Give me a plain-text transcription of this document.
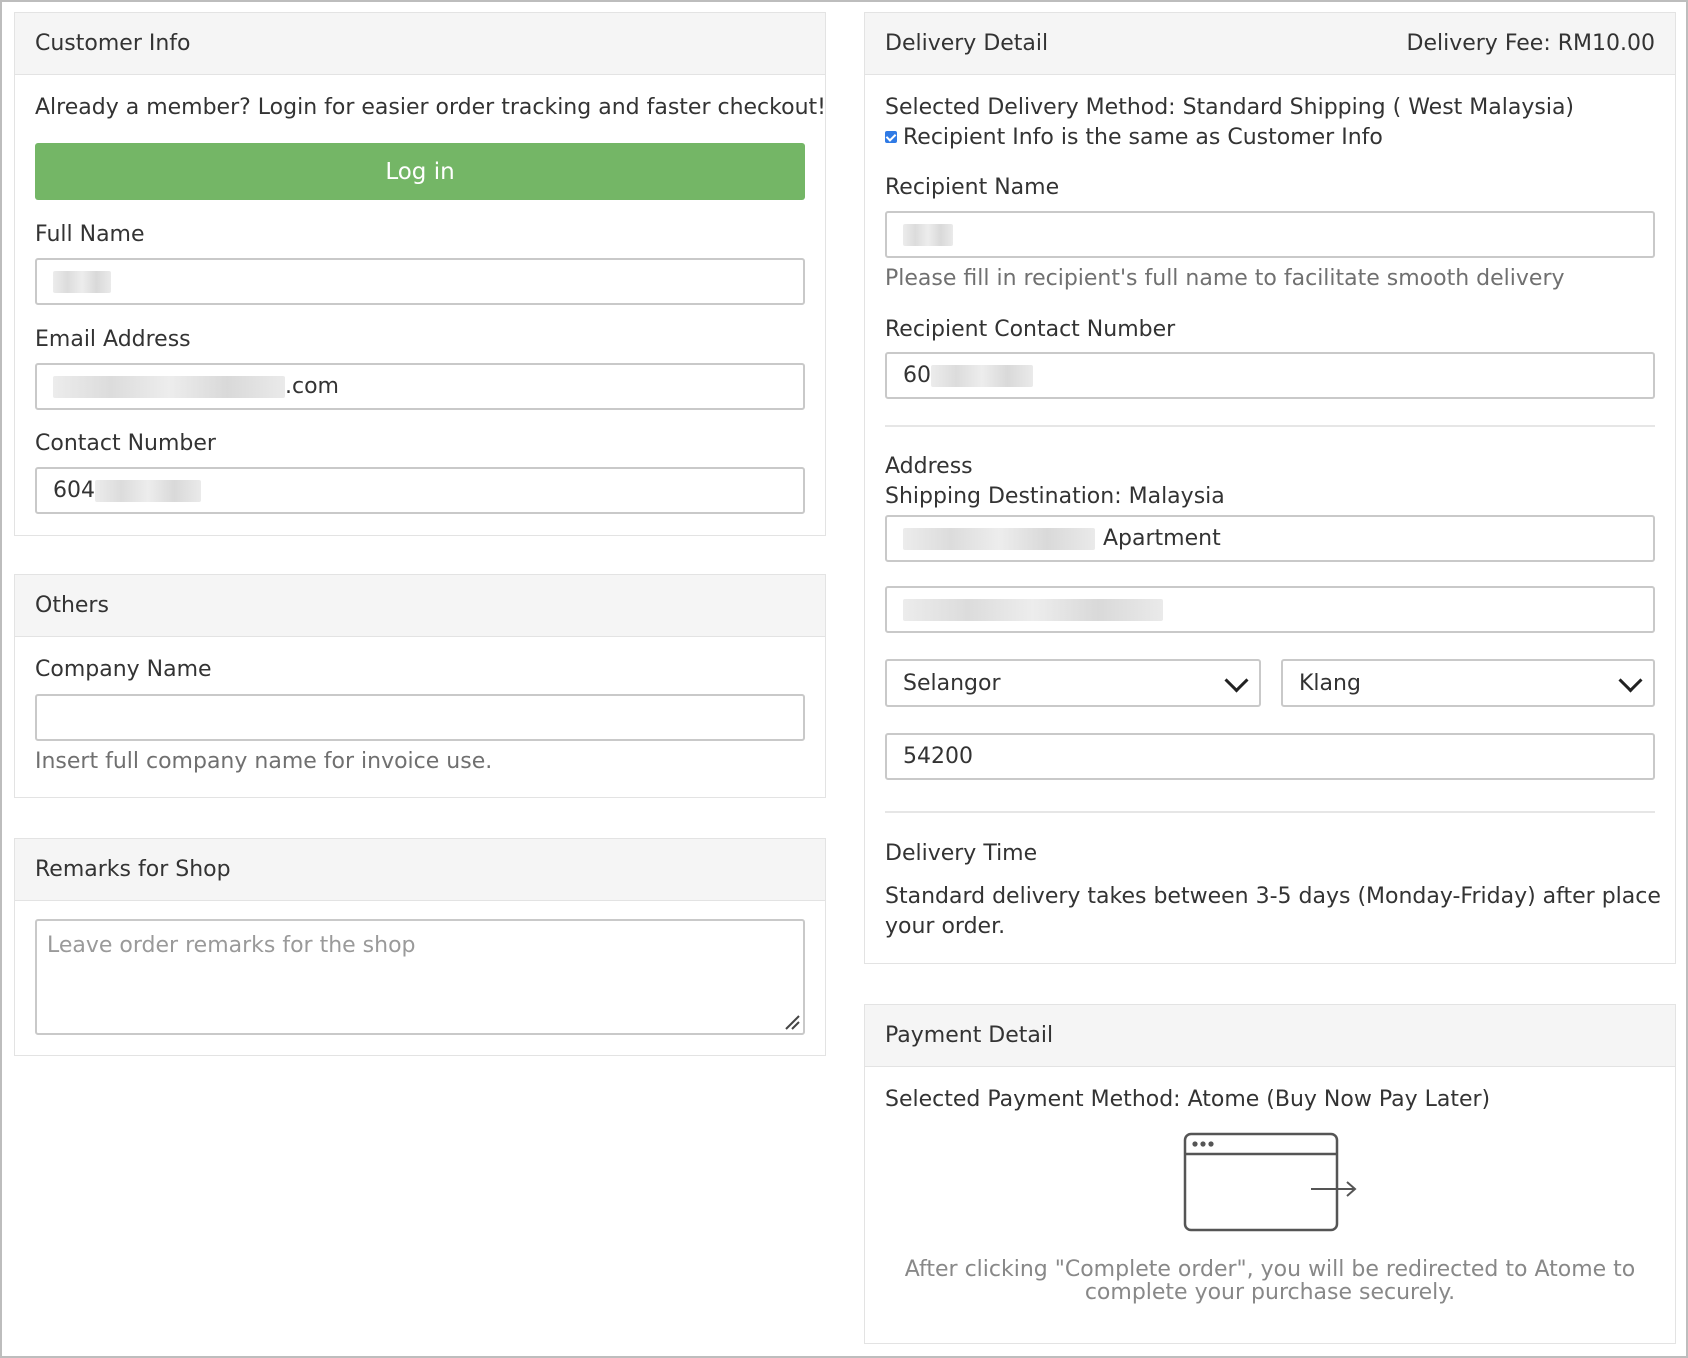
Customer Info
Already a member? Login for easier order tracking and faster checkout!
Log in
Full Name
Email Address
.com
Contact Number
604
Others
Company Name
Insert full company name for invoice use.
Remarks for Shop
Leave order remarks for the shop
Delivery Detail	Delivery Fee: RM10.00
Selected Delivery Method: Standard Shipping ( West Malaysia)
Recipient Info is the same as Customer Info
Recipient Name
Please fill in recipient's full name to facilitate smooth delivery
Recipient Contact Number
60
Address
Shipping Destination: Malaysia
Apartment
Selangor	Klang
54200
Delivery Time
Standard delivery takes between 3-5 days (Monday-Friday) after place
your order.
Payment Detail
Selected Payment Method: Atome (Buy Now Pay Later)
After clicking "Complete order", you will be redirected to Atome to
complete your purchase securely.
